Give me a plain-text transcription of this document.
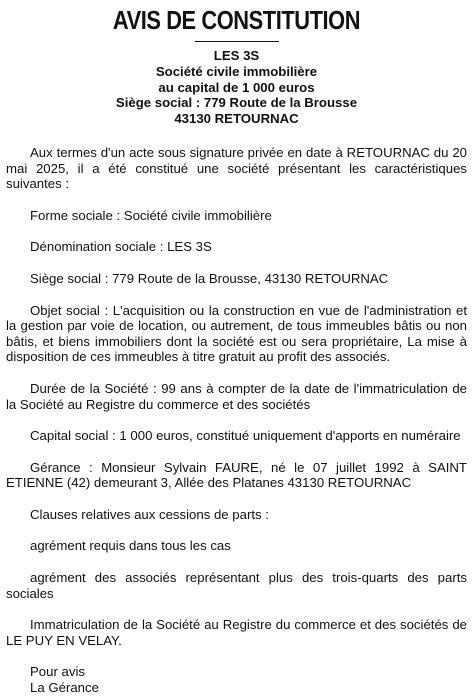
AVIS DE CONSTITUTION
LES 3S
Société civile immobilière
au capital de 1 000 euros
Siège social : 779 Route de la Brousse
43130 RETOURNAC

Aux termes d'un acte sous signature privée en date à RETOURNAC du 20 mai 2025, il a été constitué une société présentant les caractéristiques suivantes :

Forme sociale : Société civile immobilière

Dénomination sociale : LES 3S

Siège social : 779 Route de la Brousse, 43130 RETOURNAC

Objet social : L'acquisition ou la construction en vue de l'administration et la gestion par voie de location, ou autrement, de tous immeubles bâtis ou non bâtis, et biens immobiliers dont la société est ou sera propriétaire, La mise à disposition de ces immeubles à titre gratuit au profit des associés.

Durée de la Société : 99 ans à compter de la date de l'immatriculation de la Société au Registre du commerce et des sociétés

Capital social : 1 000 euros, constitué uniquement d'apports en numéraire

Gérance : Monsieur Sylvain FAURE, né le 07 juillet 1992 à SAINT ETIENNE (42) demeurant 3, Allée des Platanes 43130 RETOURNAC

Clauses relatives aux cessions de parts :

agrément requis dans tous les cas

agrément des associés représentant plus des trois-quarts des parts sociales

Immatriculation de la Société au Registre du commerce et des sociétés de LE PUY EN VELAY.

Pour avis
La Gérance
